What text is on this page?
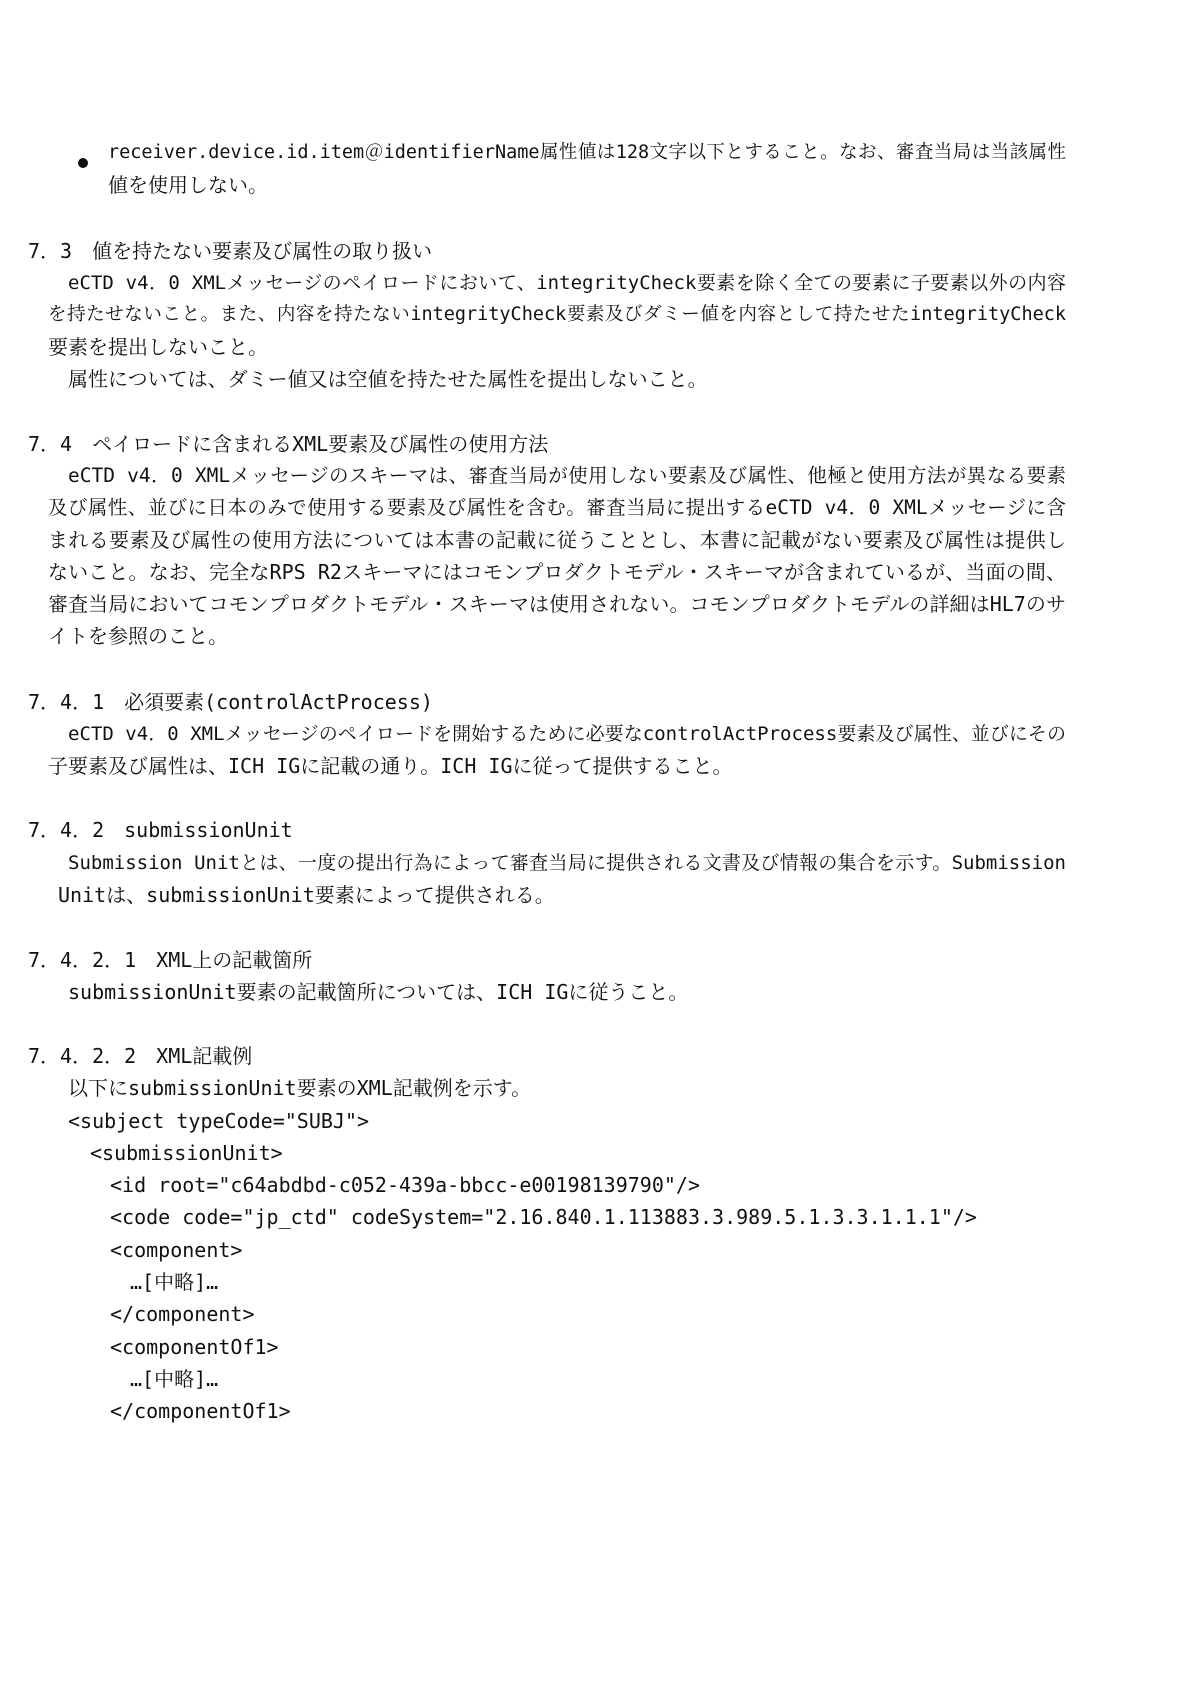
receiver.device.id.item＠identifierName属性値は128文字以下とすること。なお、審査当局は当該属性
値を使用しない。
7．3　値を持たない要素及び属性の取り扱い
eCTD v4．0 XMLメッセージのペイロードにおいて、integrityCheck要素を除く全ての要素に子要素以外の内容
を持たせないこと。また、内容を持たないintegrityCheck要素及びダミー値を内容として持たせたintegrityCheck
要素を提出しないこと。
属性については、ダミー値又は空値を持たせた属性を提出しないこと。
7．4　ペイロードに含まれるXML要素及び属性の使用方法
eCTD v4．0 XMLメッセージのスキーマは、審査当局が使用しない要素及び属性、他極と使用方法が異なる要素
及び属性、並びに日本のみで使用する要素及び属性を含む。審査当局に提出するeCTD v4．0 XMLメッセージに含
まれる要素及び属性の使用方法については本書の記載に従うこととし、本書に記載がない要素及び属性は提供し
ないこと。なお、完全なRPS R2スキーマにはコモンプロダクトモデル・スキーマが含まれているが、当面の間、
審査当局においてコモンプロダクトモデル・スキーマは使用されない。コモンプロダクトモデルの詳細はHL7のサ
イトを参照のこと。
7．4．1　必須要素(controlActProcess)
eCTD v4．0 XMLメッセージのペイロードを開始するために必要なcontrolActProcess要素及び属性、並びにその
子要素及び属性は、ICH IGに記載の通り。ICH IGに従って提供すること。
7．4．2　submissionUnit
Submission Unitとは、一度の提出行為によって審査当局に提供される文書及び情報の集合を示す。Submission
Unitは、submissionUnit要素によって提供される。
7．4．2．1　XML上の記載箇所
submissionUnit要素の記載箇所については、ICH IGに従うこと。
7．4．2．2　XML記載例
以下にsubmissionUnit要素のXML記載例を示す。
<subject typeCode="SUBJ">
<submissionUnit>
<id root="c64abdbd-c052-439a-bbcc-e00198139790"/>
<code code="jp_ctd" codeSystem="2.16.840.1.113883.3.989.5.1.3.3.1.1.1"/>
<component>
…[中略]…
</component>
<componentOf1>
…[中略]…
</componentOf1>
